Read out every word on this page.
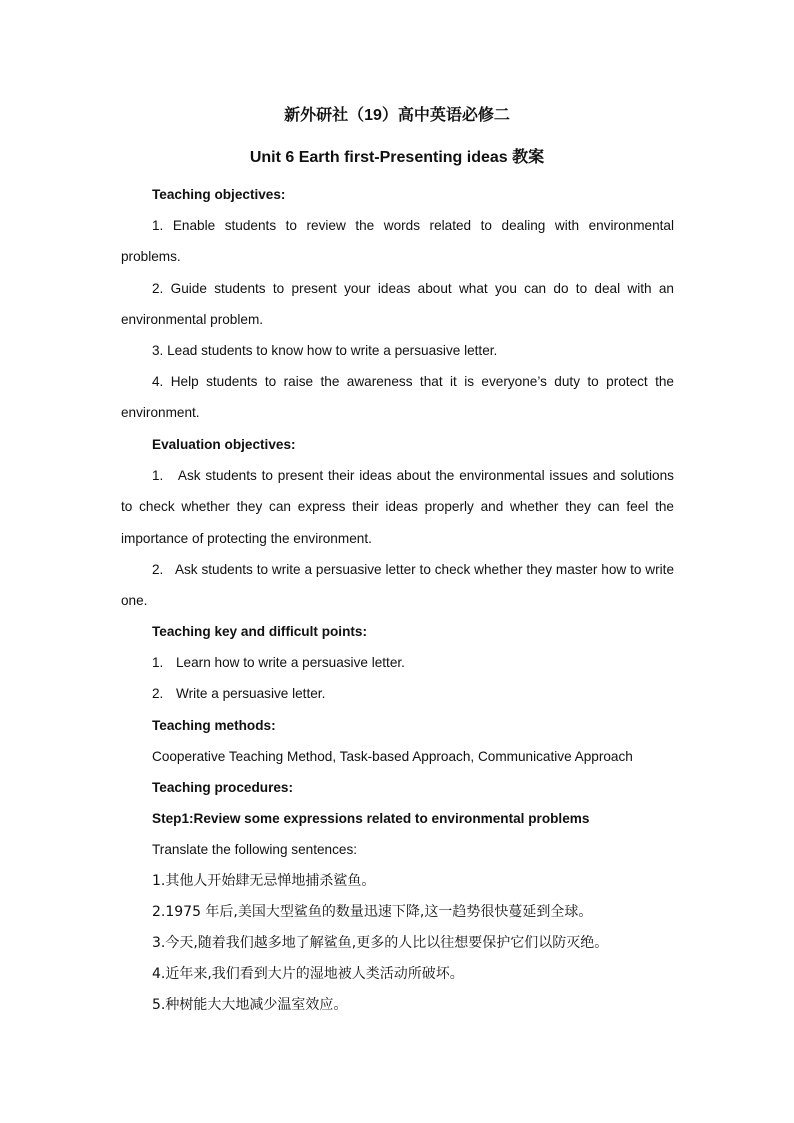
新外研社（19）高中英语必修二
Unit 6 Earth first-Presenting ideas 教案
Teaching objectives:
1. Enable students to review the words related to dealing with environmental problems.
2. Guide students to present your ideas about what you can do to deal with an environmental problem.
3. Lead students to know how to write a persuasive letter.
4. Help students to raise the awareness that it is everyone’s duty to protect the environment.
Evaluation objectives:
1. Ask students to present their ideas about the environmental issues and solutions to check whether they can express their ideas properly and whether they can feel the importance of protecting the environment.
2. Ask students to write a persuasive letter to check whether they master how to write one.
Teaching key and difficult points:
1. Learn how to write a persuasive letter.
2. Write a persuasive letter.
Teaching methods:
Cooperative Teaching Method, Task-based Approach, Communicative Approach
Teaching procedures:
Step1:Review some expressions related to environmental problems
Translate the following sentences:
1.其他人开始肆无忌惮地捕杀鲨鱼。
2.1975 年后,美国大型鲨鱼的数量迅速下降,这一趋势很快蔓延到全球。
3.今天,随着我们越多地了解鲨鱼,更多的人比以往想要保护它们以防灭绝。
4.近年来,我们看到大片的湿地被人类活动所破坏。
5.种树能大大地减少温室效应。
